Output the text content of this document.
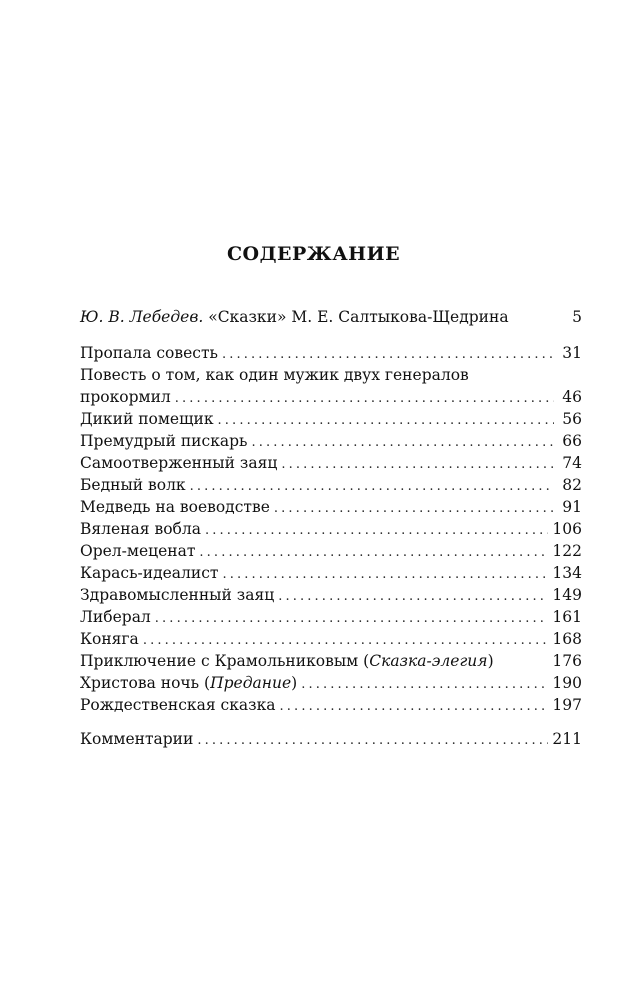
СОДЕРЖАНИЕ
Ю. В. Лебедев. «Сказки» М. Е. Салтыкова-Щедрина	5
Пропала совесть . . .	31
Повесть о том, как один мужик двух генералов
прокормил . . .	46
Дикий помещик . . .	56
Премудрый пискарь . . .	66
Самоотверженный заяц . . .	74
Бедный волк . . .	82
Медведь на воеводстве . . .	91
Вяленая вобла . . .	106
Орел-меценат . . .	122
Карась-идеалист . . .	134
Здравомысленный заяц . . .	149
Либерал . . .	161
Коняга . . .	168
Приключение с Крамольниковым (Сказка-элегия)	176
Христова ночь ( Предание ) . . .	190
Рождественская сказка . . .	197
Комментарии . . .	211
